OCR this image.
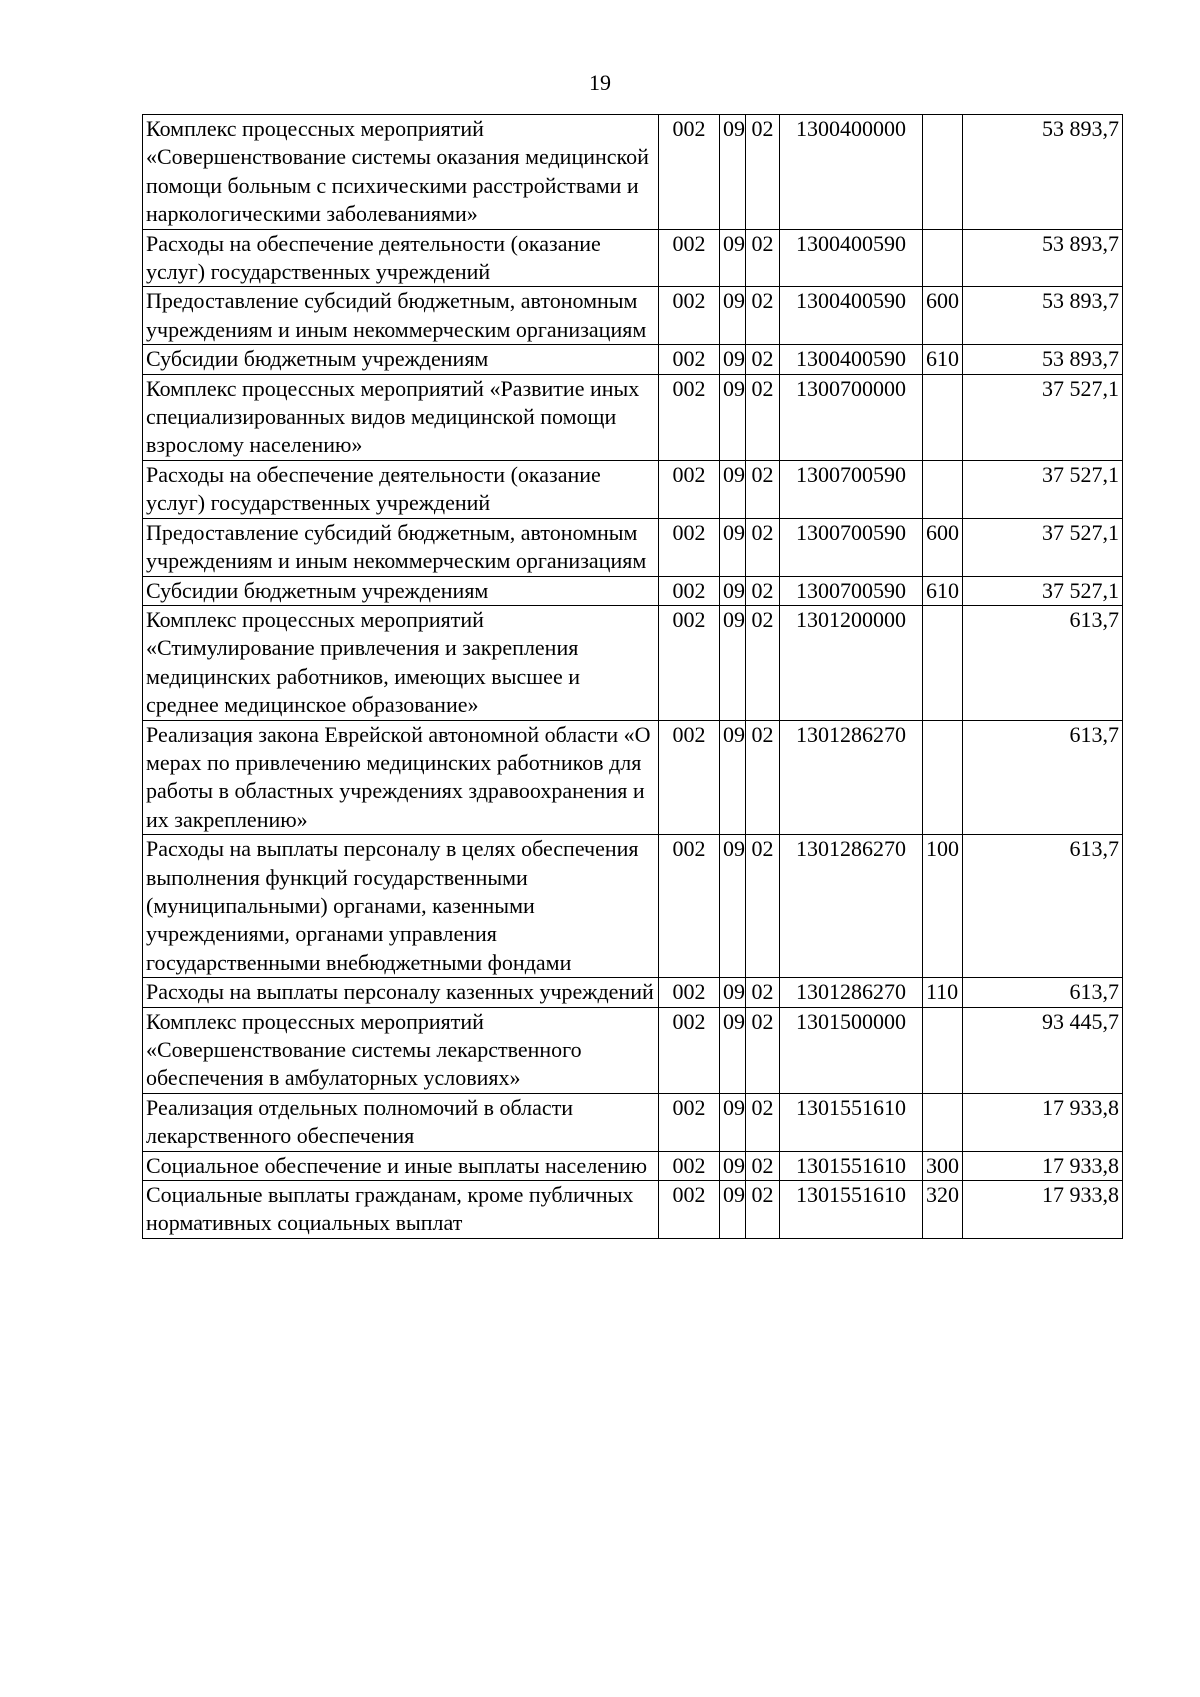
19
Комплекс процессных мероприятий «Совершенствование системы оказания медицинской помощи больным с психическими расстройствами и наркологическими заболеваниями»	002	09	02	1300400000		53 893,7
Расходы на обеспечение деятельности (оказание услуг) государственных учреждений	002	09	02	1300400590		53 893,7
Предоставление субсидий бюджетным, автономным учреждениям и иным некоммерческим организациям	002	09	02	1300400590	600	53 893,7
Субсидии бюджетным учреждениям	002	09	02	1300400590	610	53 893,7
Комплекс процессных мероприятий «Развитие иных специализированных видов медицинской помощи взрослому населению»	002	09	02	1300700000		37 527,1
Расходы на обеспечение деятельности (оказание услуг) государственных учреждений	002	09	02	1300700590		37 527,1
Предоставление субсидий бюджетным, автономным учреждениям и иным некоммерческим организациям	002	09	02	1300700590	600	37 527,1
Субсидии бюджетным учреждениям	002	09	02	1300700590	610	37 527,1
Комплекс процессных мероприятий «Стимулирование привлечения и закрепления медицинских работников, имеющих высшее и среднее медицинское образование»	002	09	02	1301200000		613,7
Реализация закона Еврейской автономной области «О мерах по привлечению медицинских работников для работы в областных учреждениях здравоохранения и их закреплению»	002	09	02	1301286270		613,7
Расходы на выплаты персоналу в целях обеспечения выполнения функций государственными (муниципальными) органами, казенными учреждениями, органами управления государственными внебюджетными фондами	002	09	02	1301286270	100	613,7
Расходы на выплаты персоналу казенных учреждений	002	09	02	1301286270	110	613,7
Комплекс процессных мероприятий «Совершенствование системы лекарственного обеспечения в амбулаторных условиях»	002	09	02	1301500000		93 445,7
Реализация отдельных полномочий в области лекарственного обеспечения	002	09	02	1301551610		17 933,8
Социальное обеспечение и иные выплаты населению	002	09	02	1301551610	300	17 933,8
Социальные выплаты гражданам, кроме публичных нормативных социальных выплат	002	09	02	1301551610	320	17 933,8
